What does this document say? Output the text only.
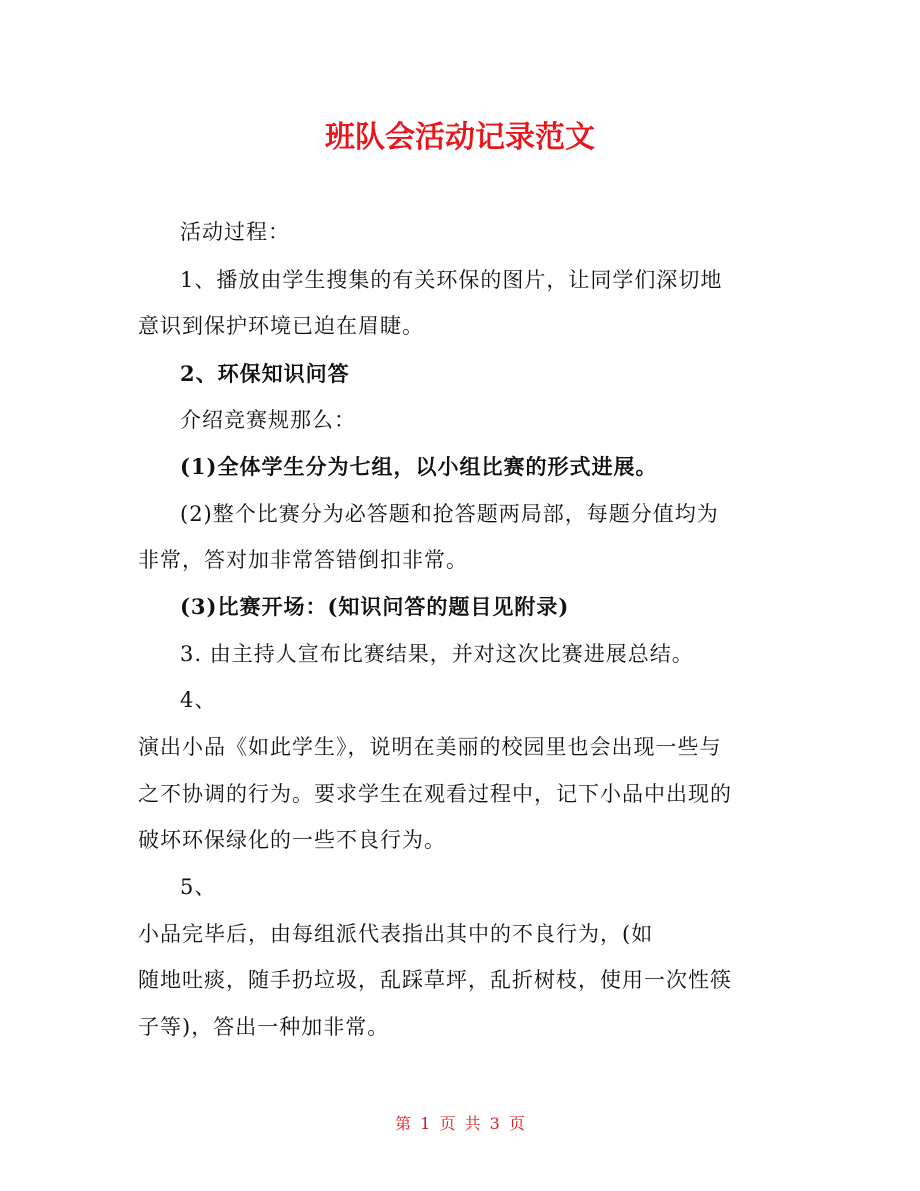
班队会活动记录范文
活动过程：
1、播放由学生搜集的有关环保的图片，让同学们深切地
意识到保护环境已迫在眉睫。
2、环保知识问答
介绍竞赛规那么：
(1)全体学生分为七组，以小组比赛的形式进展。
(2)整个比赛分为必答题和抢答题两局部，每题分值均为
非常，答对加非常答错倒扣非常。
(3)比赛开场：(知识问答的题目见附录)
3. 由主持人宣布比赛结果，并对这次比赛进展总结。
4、
演出小品《如此学生》，说明在美丽的校园里也会出现一些与
之不协调的行为。要求学生在观看过程中，记下小品中出现的
破坏环保绿化的一些不良行为。
5、
小品完毕后，由每组派代表指出其中的不良行为，(如
随地吐痰，随手扔垃圾，乱踩草坪，乱折树枝，使用一次性筷
子等)，答出一种加非常。
第 1 页 共 3 页
